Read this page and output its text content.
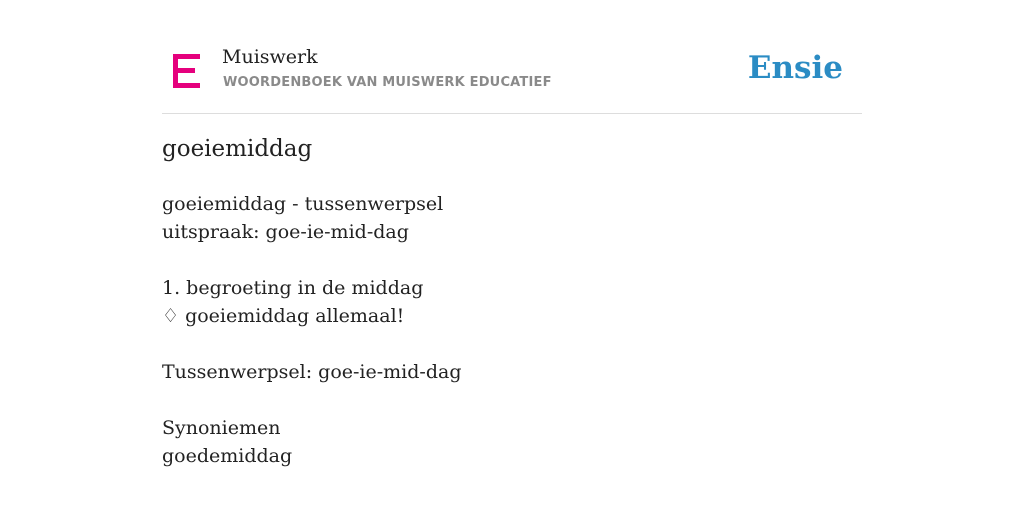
Muiswerk
WOORDENBOEK VAN MUISWERK EDUCATIEF	Ensie
goeiemiddag
goeiemiddag - tussenwerpsel
uitspraak: goe-ie-mid-dag
1. begroeting in de middag
♢ goeiemiddag allemaal!
Tussenwerpsel: goe-ie-mid-dag
Synoniemen
goedemiddag
